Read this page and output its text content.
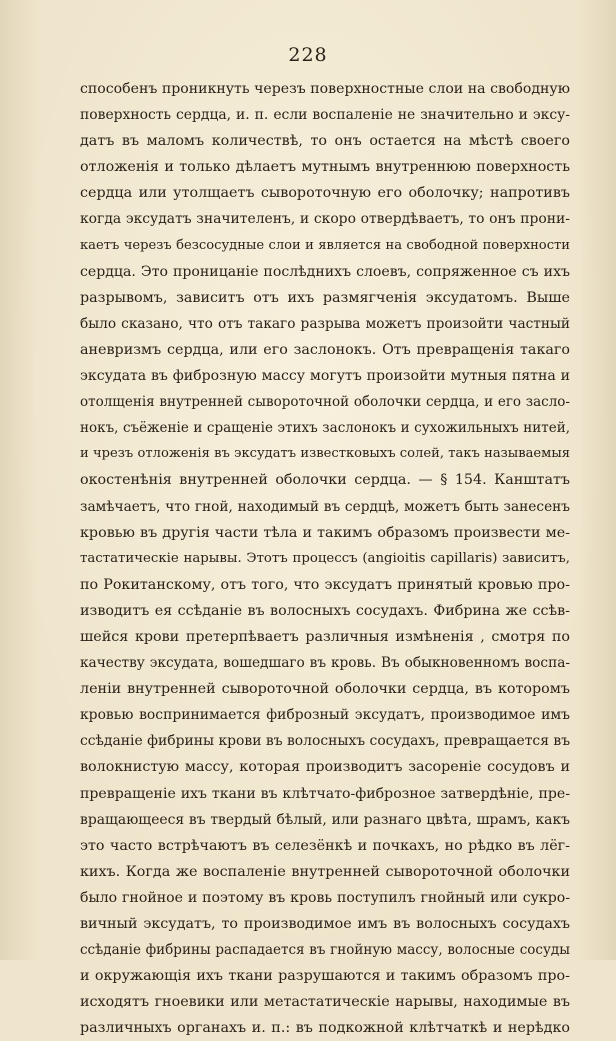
228
способенъ проникнуть черезъ поверхностные слои на свободную
поверхность сердца, и. п. если воспаленіе не значительно и эксу-
датъ въ маломъ количествѣ, то онъ остается на мѣстѣ своего
отложенія и только дѣлаетъ мутнымъ внутреннюю поверхность
сердца или утолщаетъ сывороточную его оболочку; напротивъ
когда эксудатъ значителенъ, и скоро отвердѣваетъ, то онъ прони-
каетъ черезъ безсосудные слои и является на свободной поверхности
сердца. Это проницаніе послѣднихъ слоевъ, сопряженное съ ихъ
разрывомъ, зависитъ отъ ихъ размягченія эксудатомъ. Выше
было сказано, что отъ такаго разрыва можетъ произойти частный
аневризмъ сердца, или его заслонокъ. Отъ превращенія такаго
эксудата въ фиброзную массу могутъ произойти мутныя пятна и
отолщенія внутренней сывороточной оболочки сердца, и его засло-
нокъ, съёженіе и сращеніе этихъ заслонокъ и сухожильныхъ нитей,
и чрезъ отложенія въ эксудатъ известковыхъ солей, такъ называемыя
окостенѣнія внутренней оболочки сердца. — § 154. Канштатъ
замѣчаетъ, что гной, находимый въ сердцѣ, можетъ быть занесенъ
кровью въ другія части тѣла и такимъ образомъ произвести ме-
тастатическіе нарывы. Этотъ процессъ (angioitis capillaris) зависитъ,
по Рокитанскому, отъ того, что эксудатъ принятый кровью про-
изводитъ ея ссѣданіе въ волосныхъ сосудахъ. Фибрина же ссѣв-
шейся крови претерпѣваетъ различныя измѣненія , смотря по
качеству эксудата, вошедшаго въ кровь. Въ обыкновенномъ воспа-
леніи внутренней сывороточной оболочки сердца, въ которомъ
кровью воспринимается фиброзный эксудатъ, производимое имъ
ссѣданіе фибрины крови въ волосныхъ сосудахъ, превращается въ
волокнистую массу, которая производитъ засореніе сосудовъ и
превращеніе ихъ ткани въ клѣтчато-фиброзное затвердѣніе, пре-
вращающееся въ твердый бѣлый, или разнаго цвѣта, шрамъ, какъ
это часто встрѣчаютъ въ селезёнкѣ и почкахъ, но рѣдко въ лёг-
кихъ. Когда же воспаленіе внутренней сывороточной оболочки
было гнойное и поэтому въ кровь поступилъ гнойный или сукро-
вичный эксудатъ, то производимое имъ въ волосныхъ сосудахъ
ссѣданіе фибрины распадается въ гнойную массу, волосные сосуды
и окружающія ихъ ткани разрушаются и такимъ образомъ про-
исходятъ гноевики или метастатическіе нарывы, находимые въ
различныхъ органахъ и. п.: въ подкожной клѣтчаткѣ и нерѣдко
